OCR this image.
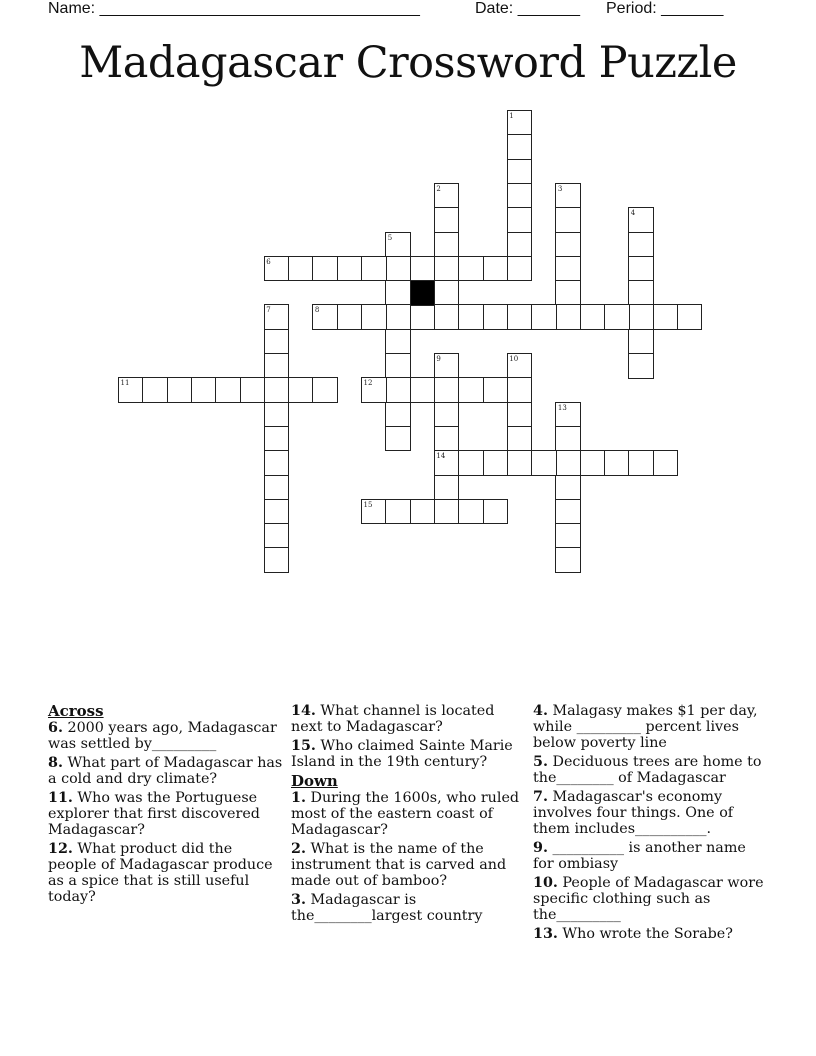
Name: ____________________________________

	Date: _______

Period: _______

Madagascar Crossword Puzzle
1
2	3
4
5
6
7	8
9	10
11	12
13
14
15
Across
6. 2000 years ago, Madagascar was settled by_________
8. What part of Madagascar has a cold and dry climate?
11. Who was the Portuguese explorer that first discovered Madagascar?
12. What product did the people of Madagascar produce as a spice that is still useful today?
14. What channel is located next to Madagascar?
15. Who claimed Sainte Marie Island in the 19th century?
Down
1. During the 1600s, who ruled most of the eastern coast of Madagascar?
2. What is the name of the instrument that is carved and made out of bamboo?
3. Madagascar is the________largest country
4. Malagasy makes $1 per day, while _________ percent lives below poverty line
5. Deciduous trees are home to the________ of Madagascar
7. Madagascar's economy involves four things. One of them includes__________.
9. __________ is another name for ombiasy
10. People of Madagascar wore specific clothing such as the_________
13. Who wrote the Sorabe?
